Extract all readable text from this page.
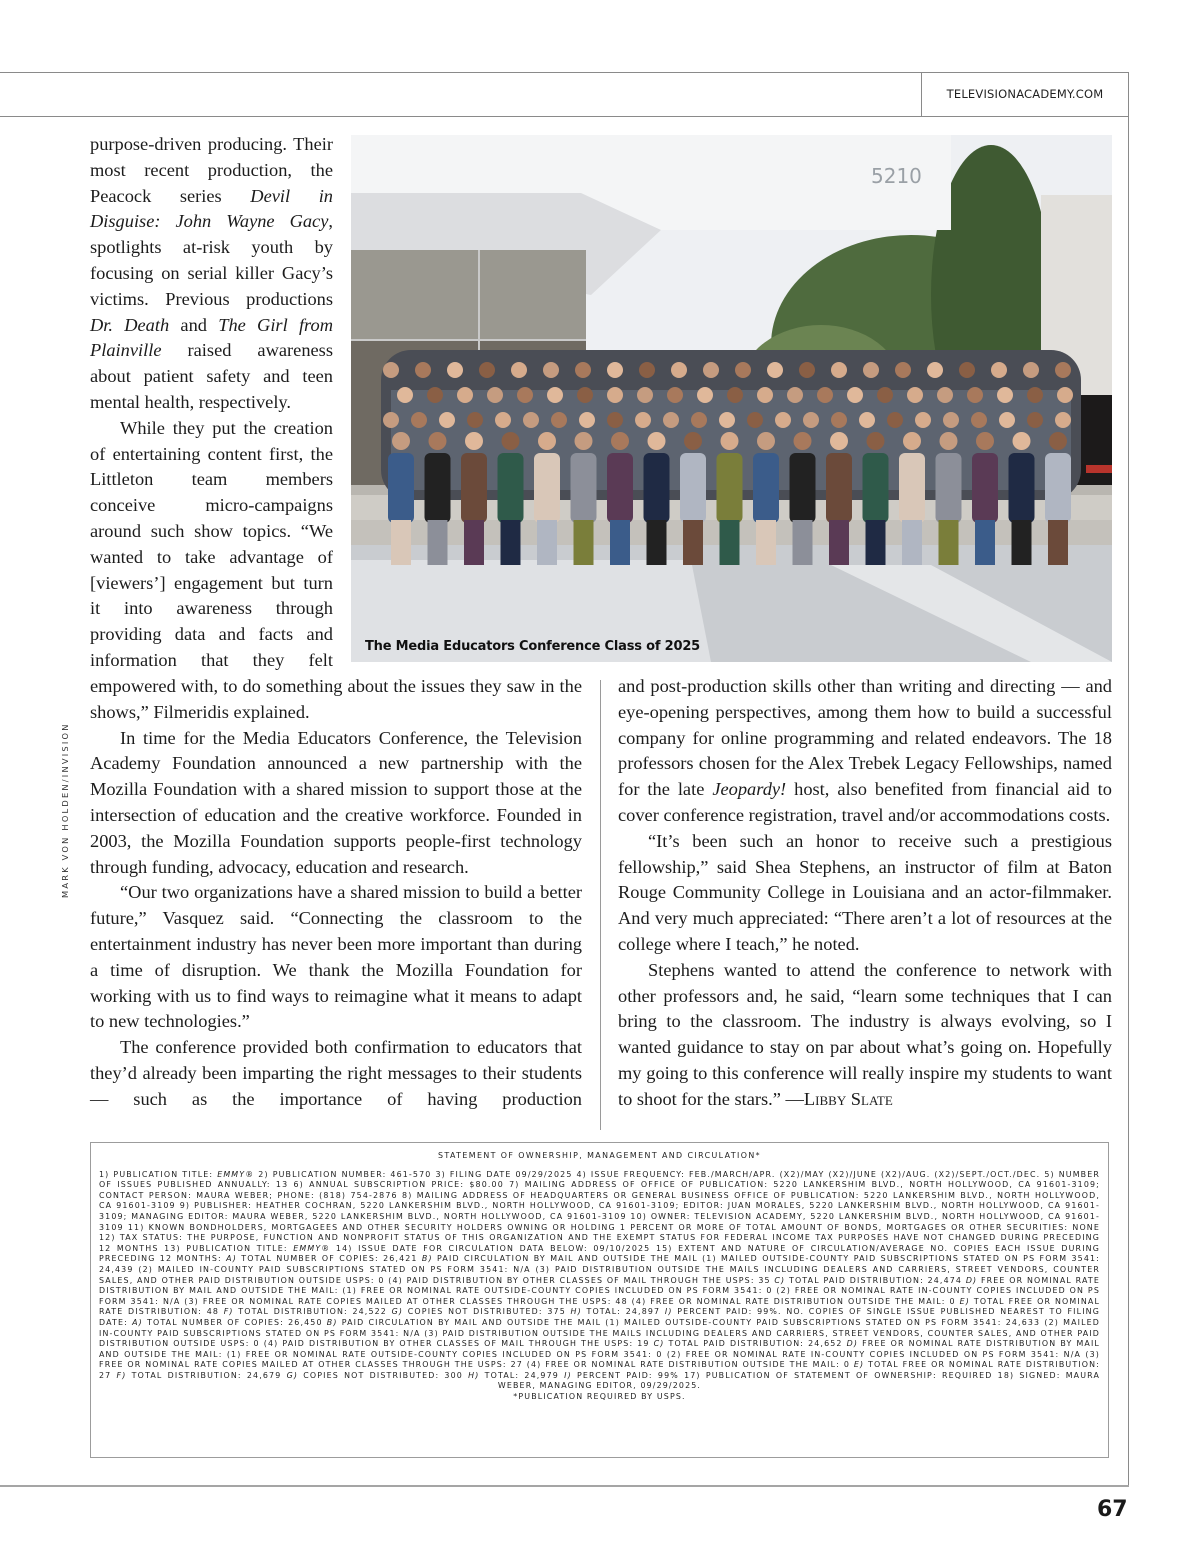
TELEVISIONACADEMY.COM

purpose-driven producing. Their most recent production, the Peacock series Devil in Disguise: John Wayne Gacy, spotlights at-risk youth by focusing on serial killer Gacy’s victims. Previous productions Dr. Death and The Girl from Plainville raised awareness about patient safety and teen mental health, respectively.

While they put the creation of entertaining content first, the Littleton team members conceive micro-campaigns around such show topics. “We wanted to take advantage of [viewers’] engagement but turn it into awareness through providing data and facts and information that they felt

5210
The Media Educators Conference Class of 2025
MARK VON HOLDEN/INVISION

empowered with, to do something about the issues they saw in the shows,” Filmeridis explained.

In time for the Media Educators Conference, the Television Academy Foundation announced a new partnership with the Mozilla Foundation with a shared mission to support those at the intersection of education and the creative workforce. Founded in 2003, the Mozilla Foundation supports people-first technology through funding, advocacy, education and research.

“Our two organizations have a shared mission to build a better future,” Vasquez said. “Connecting the classroom to the entertainment industry has never been more important than during a time of disruption. We thank the Mozilla Foundation for working with us to find ways to reimagine what it means to adapt to new technologies.”

The conference provided both confirmation to educators that they’d already been imparting the right messages to their students — such as the importance of having production

and post-production skills other than writing and directing — and eye-opening perspectives, among them how to build a successful company for online programming and related endeavors. The 18 professors chosen for the Alex Trebek Legacy Fellowships, named for the late Jeopardy! host, also benefited from financial aid to cover conference registration, travel and/or accommodations costs.

“It’s been such an honor to receive such a prestigious fellowship,” said Shea Stephens, an instructor of film at Baton Rouge Community College in Louisiana and an actor-filmmaker. And very much appreciated: “There aren’t a lot of resources at the college where I teach,” he noted.

Stephens wanted to attend the conference to network with other professors and, he said, “learn some techniques that I can bring to the classroom. The industry is always evolving, so I wanted guidance to stay on par about what’s going on. Hopefully my going to this conference will really inspire my students to want to shoot for the stars.” —Libby Slate

STATEMENT OF OWNERSHIP, MANAGEMENT AND CIRCULATION*
1) PUBLICATION TITLE: EMMY® 2) PUBLICATION NUMBER: 461-570 3) FILING DATE 09/29/2025 4) ISSUE FREQUENCY: FEB./MARCH/APR. (X2)/MAY (X2)/JUNE (X2)/AUG. (X2)/SEPT./OCT./DEC. 5) NUMBER OF ISSUES PUBLISHED ANNUALLY: 13 6) ANNUAL SUBSCRIPTION PRICE: $80.00 7) MAILING ADDRESS OF OFFICE OF PUBLICATION: 5220 LANKERSHIM BLVD., NORTH HOLLYWOOD, CA 91601-3109; CONTACT PERSON: MAURA WEBER; PHONE: (818) 754-2876 8) MAILING ADDRESS OF HEADQUARTERS OR GENERAL BUSINESS OFFICE OF PUBLICATION: 5220 LANKERSHIM BLVD., NORTH HOLLYWOOD, CA 91601-3109 9) PUBLISHER: HEATHER COCHRAN, 5220 LANKERSHIM BLVD., NORTH HOLLYWOOD, CA 91601-3109; EDITOR: JUAN MORALES, 5220 LANKERSHIM BLVD., NORTH HOLLYWOOD, CA 91601-3109; MANAGING EDITOR: MAURA WEBER, 5220 LANKERSHIM BLVD., NORTH HOLLYWOOD, CA 91601-3109 10) OWNER: TELEVISION ACADEMY, 5220 LANKERSHIM BLVD., NORTH HOLLYWOOD, CA 91601-3109 11) KNOWN BONDHOLDERS, MORTGAGEES AND OTHER SECURITY HOLDERS OWNING OR HOLDING 1 PERCENT OR MORE OF TOTAL AMOUNT OF BONDS, MORTGAGES OR OTHER SECURITIES: NONE 12) TAX STATUS: THE PURPOSE, FUNCTION AND NONPROFIT STATUS OF THIS ORGANIZATION AND THE EXEMPT STATUS FOR FEDERAL INCOME TAX PURPOSES HAVE NOT CHANGED DURING PRECEDING 12 MONTHS 13) PUBLICATION TITLE: EMMY® 14) ISSUE DATE FOR CIRCULATION DATA BELOW: 09/10/2025 15) EXTENT AND NATURE OF CIRCULATION/AVERAGE NO. COPIES EACH ISSUE DURING PRECEDING 12 MONTHS: A) TOTAL NUMBER OF COPIES: 26,421 B) PAID CIRCULATION BY MAIL AND OUTSIDE THE MAIL (1) MAILED OUTSIDE-COUNTY PAID SUBSCRIPTIONS STATED ON PS FORM 3541: 24,439 (2) MAILED IN-COUNTY PAID SUBSCRIPTIONS STATED ON PS FORM 3541: N/A (3) PAID DISTRIBUTION OUTSIDE THE MAILS INCLUDING DEALERS AND CARRIERS, STREET VENDORS, COUNTER SALES, AND OTHER PAID DISTRIBUTION OUTSIDE USPS: 0 (4) PAID DISTRIBUTION BY OTHER CLASSES OF MAIL THROUGH THE USPS: 35 C) TOTAL PAID DISTRIBUTION: 24,474 D) FREE OR NOMINAL RATE DISTRIBUTION BY MAIL AND OUTSIDE THE MAIL: (1) FREE OR NOMINAL RATE OUTSIDE-COUNTY COPIES INCLUDED ON PS FORM 3541: 0 (2) FREE OR NOMINAL RATE IN-COUNTY COPIES INCLUDED ON PS FORM 3541: N/A (3) FREE OR NOMINAL RATE COPIES MAILED AT OTHER CLASSES THROUGH THE USPS: 48 (4) FREE OR NOMINAL RATE DISTRIBUTION OUTSIDE THE MAIL: 0 E) TOTAL FREE OR NOMINAL RATE DISTRIBUTION: 48 F) TOTAL DISTRIBUTION: 24,522 G) COPIES NOT DISTRIBUTED: 375 H) TOTAL: 24,897 I) PERCENT PAID: 99%. NO. COPIES OF SINGLE ISSUE PUBLISHED NEAREST TO FILING DATE: A) TOTAL NUMBER OF COPIES: 26,450 B) PAID CIRCULATION BY MAIL AND OUTSIDE THE MAIL (1) MAILED OUTSIDE-COUNTY PAID SUBSCRIPTIONS STATED ON PS FORM 3541: 24,633 (2) MAILED IN-COUNTY PAID SUBSCRIPTIONS STATED ON PS FORM 3541: N/A (3) PAID DISTRIBUTION OUTSIDE THE MAILS INCLUDING DEALERS AND CARRIERS, STREET VENDORS, COUNTER SALES, AND OTHER PAID DISTRIBUTION OUTSIDE USPS: 0 (4) PAID DISTRIBUTION BY OTHER CLASSES OF MAIL THROUGH THE USPS: 19 C) TOTAL PAID DISTRIBUTION: 24,652 D) FREE OR NOMINAL RATE DISTRIBUTION BY MAIL AND OUTSIDE THE MAIL: (1) FREE OR NOMINAL RATE OUTSIDE-COUNTY COPIES INCLUDED ON PS FORM 3541: 0 (2) FREE OR NOMINAL RATE IN-COUNTY COPIES INCLUDED ON PS FORM 3541: N/A (3) FREE OR NOMINAL RATE COPIES MAILED AT OTHER CLASSES THROUGH THE USPS: 27 (4) FREE OR NOMINAL RATE DISTRIBUTION OUTSIDE THE MAIL: 0 E) TOTAL FREE OR NOMINAL RATE DISTRIBUTION: 27 F) TOTAL DISTRIBUTION: 24,679 G) COPIES NOT DISTRIBUTED: 300 H) TOTAL: 24,979 I) PERCENT PAID: 99% 17) PUBLICATION OF STATEMENT OF OWNERSHIP: REQUIRED 18) SIGNED: MAURA WEBER, MANAGING EDITOR, 09/29/2025.
*PUBLICATION REQUIRED BY USPS.
67
